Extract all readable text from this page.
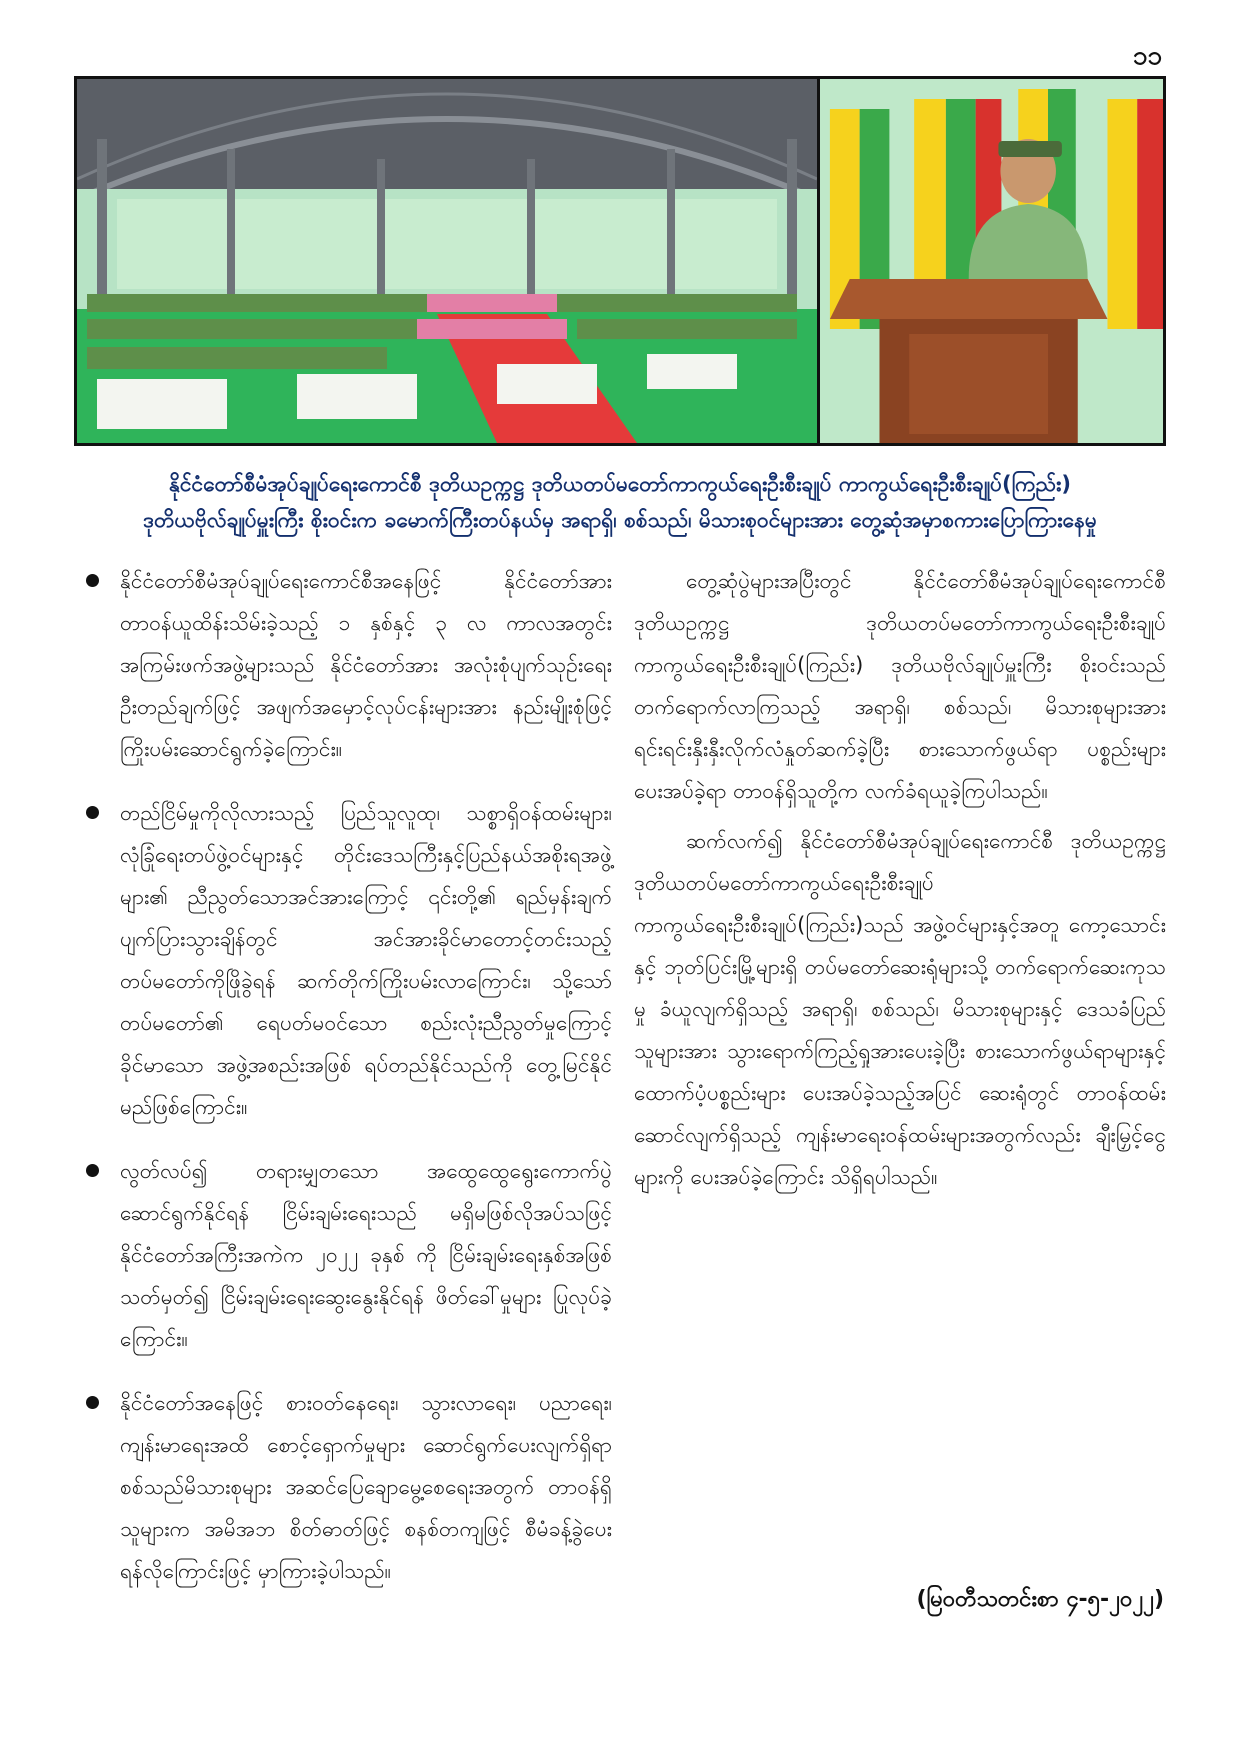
၁၁
နိုင်ငံတော်စီမံအုပ်ချုပ်ရေးကောင်စီ ဒုတိယဥက္ကဋ္ဌ ဒုတိယတပ်မတော်ကာကွယ်ရေးဦးစီးချုပ် ကာကွယ်ရေးဦးစီးချုပ်(ကြည်း)
ဒုတိယဗိုလ်ချုပ်မှူးကြီး စိုးဝင်းက ခမောက်ကြီးတပ်နယ်မှ အရာရှိ၊ စစ်သည်၊ မိသားစုဝင်များအား တွေ့ဆုံအမှာစကားပြောကြားနေမှု
နိုင်ငံတော်စီမံအုပ်ချုပ်ရေးကောင်စီအနေဖြင့် နိုင်ငံတော်အား တာဝန်ယူထိန်းသိမ်းခဲ့သည့် ၁ နှစ်နှင့် ၃ လ ကာလအတွင်း အကြမ်းဖက်အဖွဲ့များသည် နိုင်ငံတော်အား အလုံးစုံပျက်သုဉ်းရေးဦးတည်ချက်ဖြင့် အဖျက်အမှောင့်လုပ်ငန်းများအား နည်းမျိုးစုံဖြင့် ကြိုးပမ်းဆောင်ရွက်ခဲ့ကြောင်း။
တည်ငြိမ်မှုကိုလိုလားသည့် ပြည်သူလူထု၊ သစ္စာရှိဝန်ထမ်းများ၊ လုံခြုံရေးတပ်ဖွဲ့ဝင်များနှင့် တိုင်းဒေသကြီးနှင့်ပြည်နယ်အစိုးရအဖွဲ့များ၏ ညီညွတ်သောအင်အားကြောင့် ၎င်းတို့၏ ရည်မှန်းချက်ပျက်ပြားသွားချိန်တွင် အင်အားခိုင်မာတောင့်တင်းသည့် တပ်မတော်ကိုဖြိုခွဲရန် ဆက်တိုက်ကြိုးပမ်းလာကြောင်း၊ သို့သော် တပ်မတော်၏ ရေပတ်မဝင်သော စည်းလုံးညီညွတ်မှုကြောင့် ခိုင်မာသော အဖွဲ့အစည်းအဖြစ် ရပ်တည်နိုင်သည်ကို တွေ့မြင်နိုင်မည်ဖြစ်ကြောင်း။
လွတ်လပ်၍ တရားမျှတသော အထွေထွေရွေးကောက်ပွဲဆောင်ရွက်နိုင်ရန် ငြိမ်းချမ်းရေးသည် မရှိမဖြစ်လိုအပ်သဖြင့် နိုင်ငံတော်အကြီးအကဲက ၂၀၂၂ ခုနှစ် ကို ငြိမ်းချမ်းရေးနှစ်အဖြစ်သတ်မှတ်၍ ငြိမ်းချမ်းရေးဆွေးနွေးနိုင်ရန် ဖိတ်ခေါ်မှုများ ပြုလုပ်ခဲ့ကြောင်း။
နိုင်ငံတော်အနေဖြင့် စားဝတ်နေရေး၊ သွားလာရေး၊ ပညာရေး၊ ကျန်းမာရေးအထိ စောင့်ရှောက်မှုများ ဆောင်ရွက်ပေးလျက်ရှိရာ စစ်သည်မိသားစုများ အဆင်ပြေချောမွေ့စေရေးအတွက် တာဝန်ရှိသူများက အမိအဘ စိတ်ဓာတ်ဖြင့် စနစ်တကျဖြင့် စီမံခန့်ခွဲပေးရန်လိုကြောင်းဖြင့် မှာကြားခဲ့ပါသည်။

တွေ့ဆုံပွဲများအပြီးတွင် နိုင်ငံတော်စီမံအုပ်ချုပ်ရေးကောင်စီ ဒုတိယဥက္ကဋ္ဌ ဒုတိယတပ်မတော်ကာကွယ်ရေးဦးစီးချုပ် ကာကွယ်ရေးဦးစီးချုပ်(ကြည်း) ဒုတိယဗိုလ်ချုပ်မှူးကြီး စိုးဝင်းသည် တက်ရောက်လာကြသည့် အရာရှိ၊ စစ်သည်၊ မိသားစုများအား ရင်းရင်းနှီးနှီးလိုက်လံနှုတ်ဆက်ခဲ့ပြီး စားသောက်ဖွယ်ရာ ပစ္စည်းများပေးအပ်ခဲ့ရာ တာဝန်ရှိသူတို့က လက်ခံရယူခဲ့ကြပါသည်။

ဆက်လက်၍ နိုင်ငံတော်စီမံအုပ်ချုပ်ရေးကောင်စီ ဒုတိယဥက္ကဋ္ဌ ဒုတိယတပ်မတော်ကာကွယ်ရေးဦးစီးချုပ် ကာကွယ်ရေးဦးစီးချုပ်(ကြည်း)သည် အဖွဲ့ဝင်များနှင့်အတူ ကော့သောင်းနှင့် ဘုတ်ပြင်းမြို့များရှိ တပ်မတော်ဆေးရုံများသို့ တက်ရောက်ဆေးကုသမှု ခံယူလျက်ရှိသည့် အရာရှိ၊ စစ်သည်၊ မိသားစုများနှင့် ဒေသခံပြည်သူများအား သွားရောက်ကြည့်ရှုအားပေးခဲ့ပြီး စားသောက်ဖွယ်ရာများနှင့် ထောက်ပံ့ပစ္စည်းများ ပေးအပ်ခဲ့သည့်အပြင် ဆေးရုံတွင် တာဝန်ထမ်းဆောင်လျက်ရှိသည့် ကျန်းမာရေးဝန်ထမ်းများအတွက်လည်း ချီးမြှင့်ငွေများကို ပေးအပ်ခဲ့ကြောင်း သိရှိရပါသည်။

(မြဝတီသတင်းစာ ၄-၅-၂၀၂၂)
